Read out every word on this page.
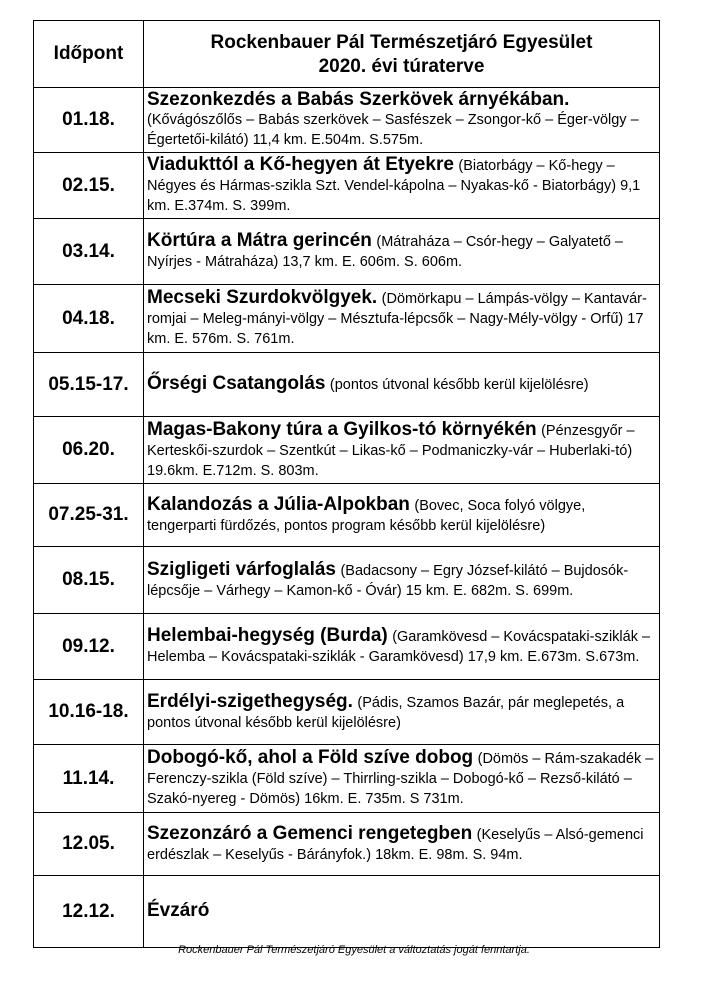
Időpont	Rockenbauer Pál Természetjáró Egyesület
2020. évi túraterve

01.18.	Szezonkezdés a Babás Szerkövek árnyékában. (Kővágószőlős – Babás szerkövek – Sasfészek – Zsongor-kő – Éger-völgy – Égertetői-kilátó) 11,4 km. E.504m. S.575m.
02.15.	Viadukttól a Kő-hegyen át Etyekre (Biatorbágy – Kő-hegy – Négyes és Hármas-szikla Szt. Vendel-kápolna – Nyakas-kő - Biatorbágy) 9,1 km. E.374m. S. 399m.
03.14.	Körtúra a Mátra gerincén (Mátraháza – Csór-hegy – Galyatető – Nyírjes - Mátraháza) 13,7 km. E. 606m. S. 606m.
04.18.	Mecseki Szurdokvölgyek. (Dömörkapu – Lámpás-völgy – Kantavár-romjai – Meleg-mányi-völgy – Mésztufa-lépcsők – Nagy-Mély-völgy - Orfű) 17 km. E. 576m. S. 761m.
05.15-17.	Őrségi Csatangolás (pontos útvonal később kerül kijelölésre)
06.20.	Magas-Bakony túra a Gyilkos-tó környékén (Pénzesgyőr – Kerteskői-szurdok – Szentkút – Likas-kő – Podmaniczky-vár – Huberlaki-tó) 19.6km. E.712m. S. 803m.
07.25-31.	Kalandozás a Júlia-Alpokban (Bovec, Soca folyó völgye, tengerparti fürdőzés, pontos program később kerül kijelölésre)
08.15.	Szigligeti várfoglalás (Badacsony – Egry József-kilátó – Bujdosók-lépcsője – Várhegy – Kamon-kő - Óvár) 15 km. E. 682m. S. 699m.
09.12.	Helembai-hegység (Burda) (Garamkövesd – Kovácspataki-sziklák – Helemba – Kovácspataki-sziklák - Garamkövesd) 17,9 km. E.673m. S.673m.
10.16-18.	Erdélyi-szigethegység. (Pádis, Szamos Bazár, pár meglepetés, a pontos útvonal később kerül kijelölésre)
11.14.	Dobogó-kő, ahol a Föld szíve dobog (Dömös – Rám-szakadék – Ferenczy-szikla (Föld szíve) – Thirrling-szikla – Dobogó-kő – Rezső-kilátó – Szakó-nyereg - Dömös) 16km. E. 735m. S 731m.
12.05.	Szezonzáró a Gemenci rengetegben (Keselyűs – Alsó-gemenci erdészlak – Keselyűs - Bárányfok.) 18km. E. 98m. S. 94m.
12.12.	Évzáró
Rockenbauer Pál Természetjáró Egyesület a változtatás jogát fenntartja.
